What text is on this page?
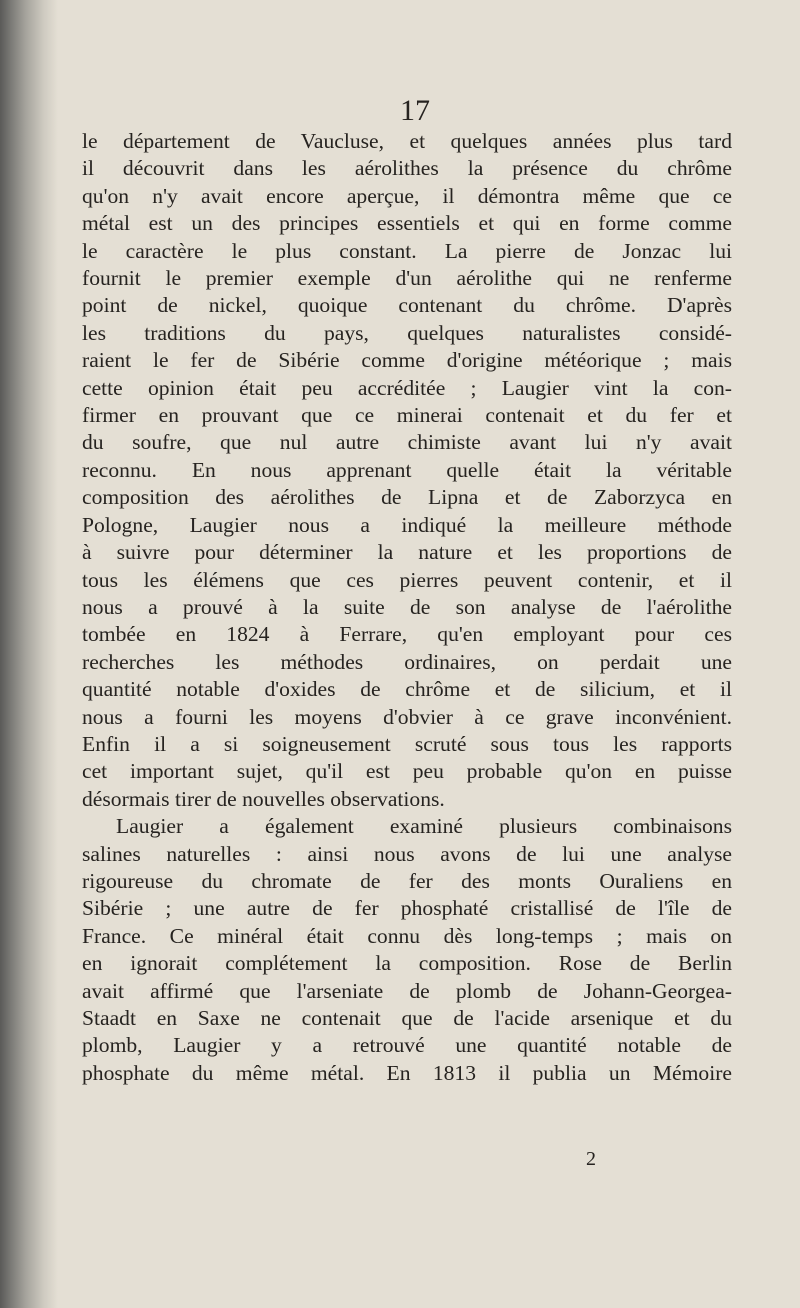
17
le département de Vaucluse, et quelques années plus tard
il découvrit dans les aérolithes la présence du chrôme
qu'on n'y avait encore aperçue, il démontra même que ce
métal est un des principes essentiels et qui en forme comme
le caractère le plus constant. La pierre de Jonzac lui
fournit le premier exemple d'un aérolithe qui ne renferme
point de nickel, quoique contenant du chrôme. D'après
les traditions du pays, quelques naturalistes considé-
raient le fer de Sibérie comme d'origine météorique ; mais
cette opinion était peu accréditée ; Laugier vint la con-
firmer en prouvant que ce minerai contenait et du fer et
du soufre, que nul autre chimiste avant lui n'y avait
reconnu. En nous apprenant quelle était la véritable
composition des aérolithes de Lipna et de Zaborzyca en
Pologne, Laugier nous a indiqué la meilleure méthode
à suivre pour déterminer la nature et les proportions de
tous les élémens que ces pierres peuvent contenir, et il
nous a prouvé à la suite de son analyse de l'aérolithe
tombée en 1824 à Ferrare, qu'en employant pour ces
recherches les méthodes ordinaires, on perdait une
quantité notable d'oxides de chrôme et de silicium, et il
nous a fourni les moyens d'obvier à ce grave inconvénient.
Enfin il a si soigneusement scruté sous tous les rapports
cet important sujet, qu'il est peu probable qu'on en puisse
désormais tirer de nouvelles observations.
Laugier a également examiné plusieurs combinaisons
salines naturelles : ainsi nous avons de lui une analyse
rigoureuse du chromate de fer des monts Ouraliens en
Sibérie ; une autre de fer phosphaté cristallisé de l'île de
France. Ce minéral était connu dès long-temps ; mais on
en ignorait complétement la composition. Rose de Berlin
avait affirmé que l'arseniate de plomb de Johann-Georgea-
Staadt en Saxe ne contenait que de l'acide arsenique et du
plomb, Laugier y a retrouvé une quantité notable de
phosphate du même métal. En 1813 il publia un Mémoire
2
